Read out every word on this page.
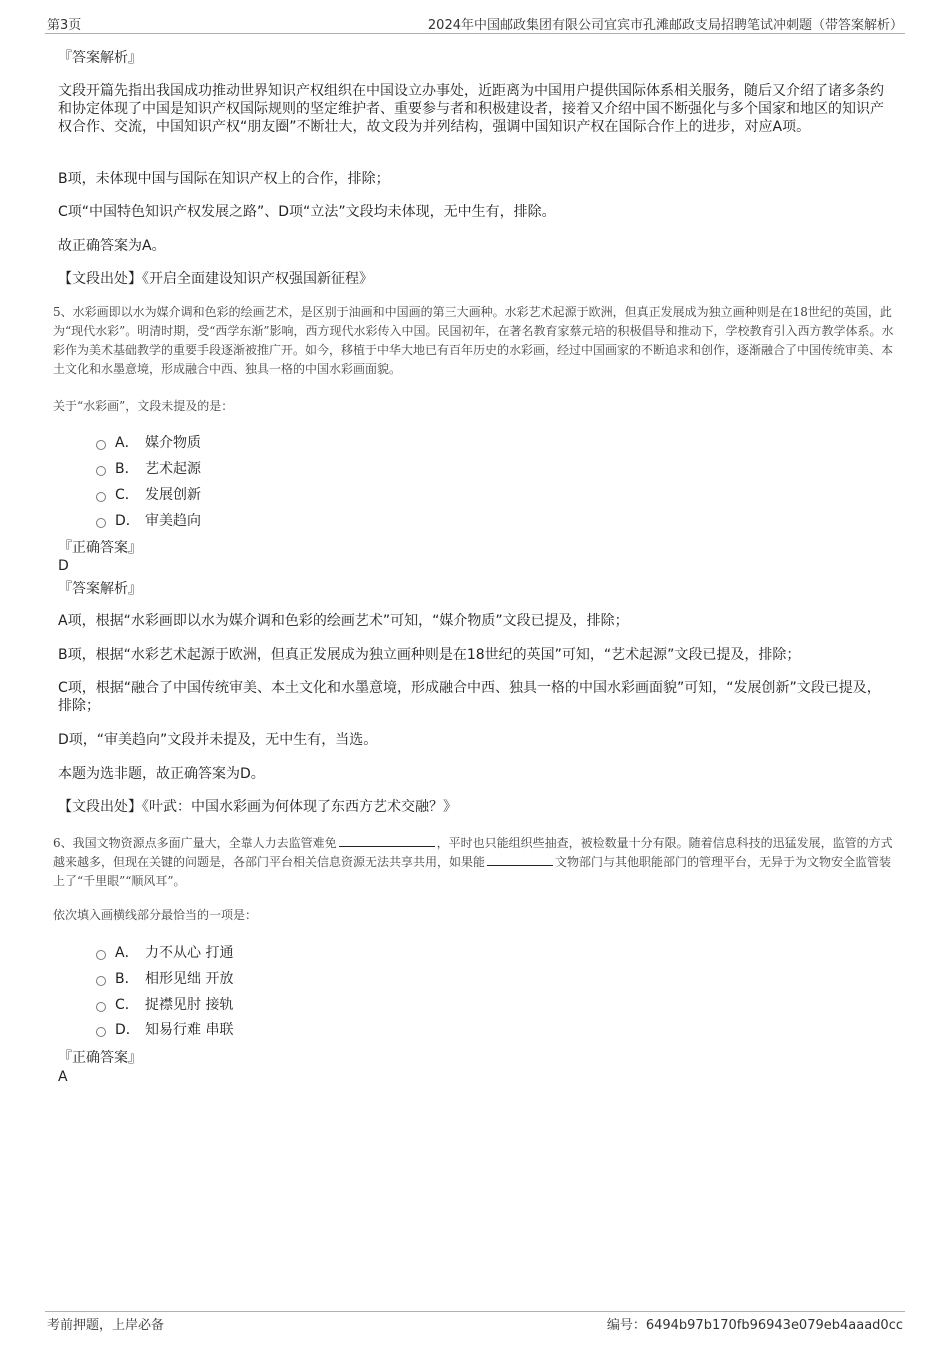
第3页	2024年中国邮政集团有限公司宜宾市孔滩邮政支局招聘笔试冲刺题（带答案解析）
『答案解析』

文段开篇先指出我国成功推动世界知识产权组织在中国设立办事处，近距离为中国用户提供国际体系相关服务，随后又介绍了诸多条约和协定体现了中国是知识产权国际规则的坚定维护者、重要参与者和积极建设者，接着又介绍中国不断强化与多个国家和地区的知识产权合作、交流，中国知识产权“朋友圈”不断壮大，故文段为并列结构，强调中国知识产权在国际合作上的进步，对应A项。

B项，未体现中国与国际在知识产权上的合作，排除；

C项“中国特色知识产权发展之路”、D项“立法”文段均未体现，无中生有，排除。

故正确答案为A。

【文段出处】《开启全面建设知识产权强国新征程》

5、水彩画即以水为媒介调和色彩的绘画艺术，是区别于油画和中国画的第三大画种。水彩艺术起源于欧洲，但真正发展成为独立画种则是在18世纪的英国，此为“现代水彩”。明清时期，受“西学东渐”影响，西方现代水彩传入中国。民国初年，在著名教育家蔡元培的积极倡导和推动下，学校教育引入西方教学体系。水彩作为美术基础教学的重要手段逐渐被推广开。如今，移植于中华大地已有百年历史的水彩画，经过中国画家的不断追求和创作，逐渐融合了中国传统审美、本土文化和水墨意境，形成融合中西、独具一格的中国水彩画面貌。

关于“水彩画”，文段未提及的是：

A． 媒介物质
B． 艺术起源
C． 发展创新
D． 审美趋向
『正确答案』
D
『答案解析』

A项，根据“水彩画即以水为媒介调和色彩的绘画艺术”可知，“媒介物质”文段已提及，排除；

B项，根据“水彩艺术起源于欧洲，但真正发展成为独立画种则是在18世纪的英国”可知，“艺术起源”文段已提及，排除；

C项，根据“融合了中国传统审美、本土文化和水墨意境，形成融合中西、独具一格的中国水彩画面貌”可知，“发展创新”文段已提及，排除；

D项，“审美趋向”文段并未提及，无中生有，当选。

本题为选非题，故正确答案为D。

【文段出处】《叶武：中国水彩画为何体现了东西方艺术交融？》

6、我国文物资源点多面广量大，全靠人力去监管难免	，平时也只能组织些抽查，被检数量十分有限。随着信息科技的迅猛发展，监管的方式越来越多，但现在关键的问题是，各部门平台相关信息资源无法共享共用，如果能	文物部门与其他职能部门的管理平台，无异于为文物安全监管装上了“千里眼”“顺风耳”。

依次填入画横线部分最恰当的一项是：

A． 力不从心 打通
B． 相形见绌 开放
C． 捉襟见肘 接轨
D． 知易行难 串联
『正确答案』
A
考前押题，上岸必备	编号：6494b97b170fb96943e079eb4aaad0cc
